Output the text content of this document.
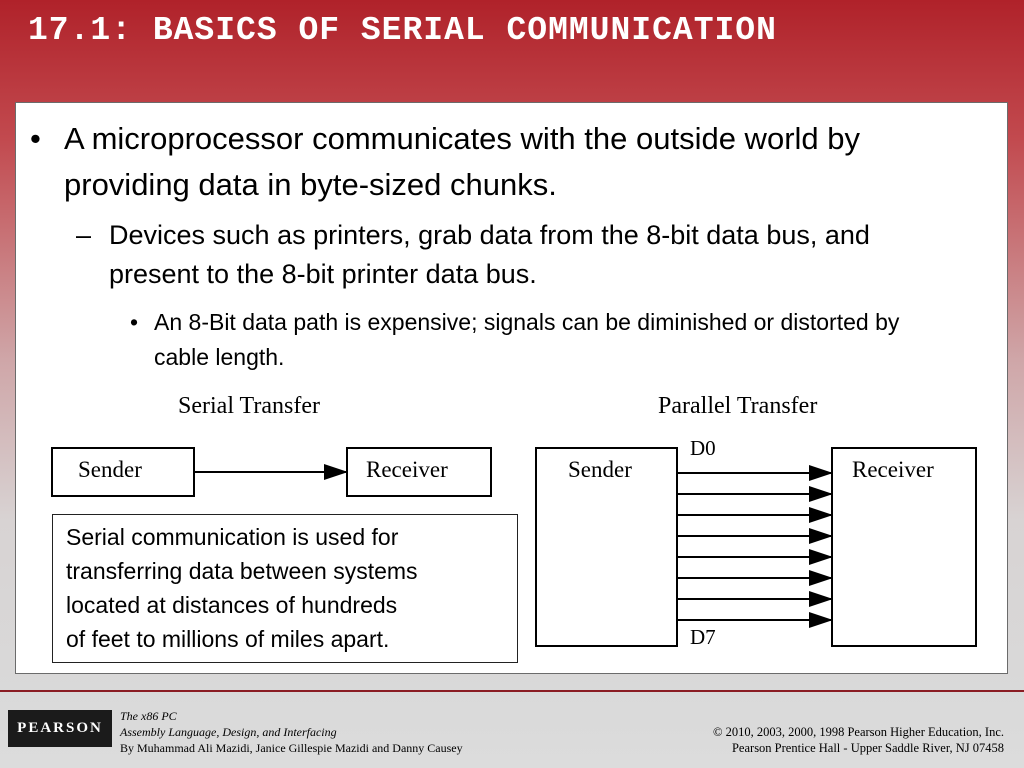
17.1: BASICS OF SERIAL COMMUNICATION
• A microprocessor communicates with the outside world by providing data in byte-sized chunks.
– Devices such as printers, grab data from the 8-bit data bus, and present to the 8-bit printer data bus.
• An 8-Bit data path is expensive; signals can be diminished or distorted by cable length.
Serial Transfer
Sender	Receiver
Parallel Transfer
Sender	Receiver
D0
D7
Serial communication is used for
transferring data between systems
located at distances of hundreds
of feet to millions of miles apart.
PEARSON
The x86 PC
Assembly Language, Design, and Interfacing
By Muhammad Ali Mazidi, Janice Gillespie Mazidi and Danny Causey
© 2010, 2003, 2000, 1998 Pearson Higher Education, Inc.
Pearson Prentice Hall - Upper Saddle River, NJ 07458
